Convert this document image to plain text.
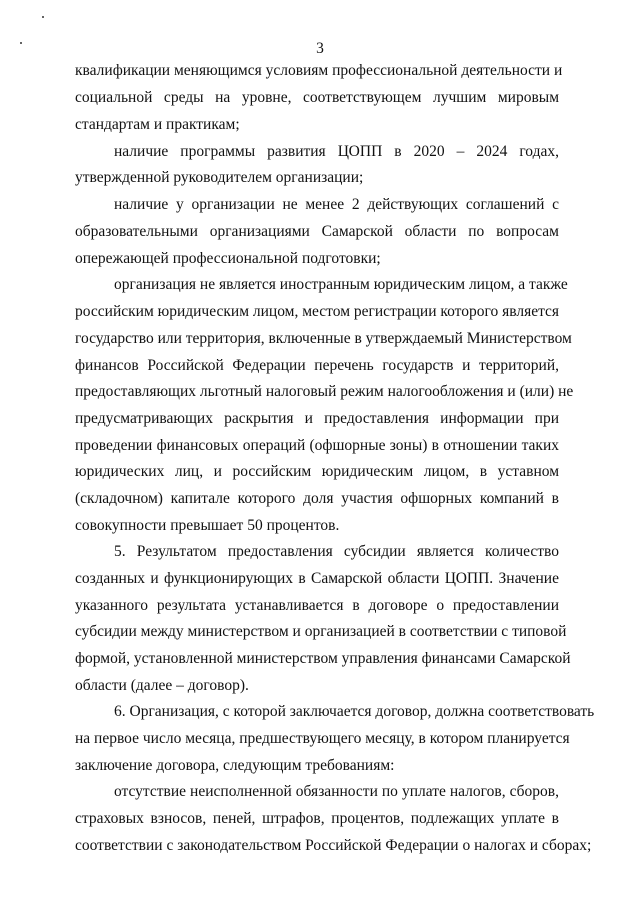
3
квалификации меняющимся условиям профессиональной деятельности и
социальной среды на уровне, соответствующем лучшим мировым
стандартам и практикам;
наличие программы развития ЦОПП в 2020 – 2024 годах,
утвержденной руководителем организации;
наличие у организации не менее 2 действующих соглашений с
образовательными организациями Самарской области по вопросам
опережающей профессиональной подготовки;
организация не является иностранным юридическим лицом, а также
российским юридическим лицом, местом регистрации которого является
государство или территория, включенные в утверждаемый Министерством
финансов Российской Федерации перечень государств и территорий,
предоставляющих льготный налоговый режим налогообложения и (или) не
предусматривающих раскрытия и предоставления информации при
проведении финансовых операций (офшорные зоны) в отношении таких
юридических лиц, и российским юридическим лицом, в уставном
(складочном) капитале которого доля участия офшорных компаний в
совокупности превышает 50 процентов.
5. Результатом предоставления субсидии является количество
созданных и функционирующих в Самарской области ЦОПП. Значение
указанного результата устанавливается в договоре о предоставлении
субсидии между министерством и организацией в соответствии с типовой
формой, установленной министерством управления финансами Самарской
области (далее – договор).
6. Организация, с которой заключается договор, должна соответствовать
на первое число месяца, предшествующего месяцу, в котором планируется
заключение договора, следующим требованиям:
отсутствие неисполненной обязанности по уплате налогов, сборов,
страховых взносов, пеней, штрафов, процентов, подлежащих уплате в
соответствии с законодательством Российской Федерации о налогах и сборах;
